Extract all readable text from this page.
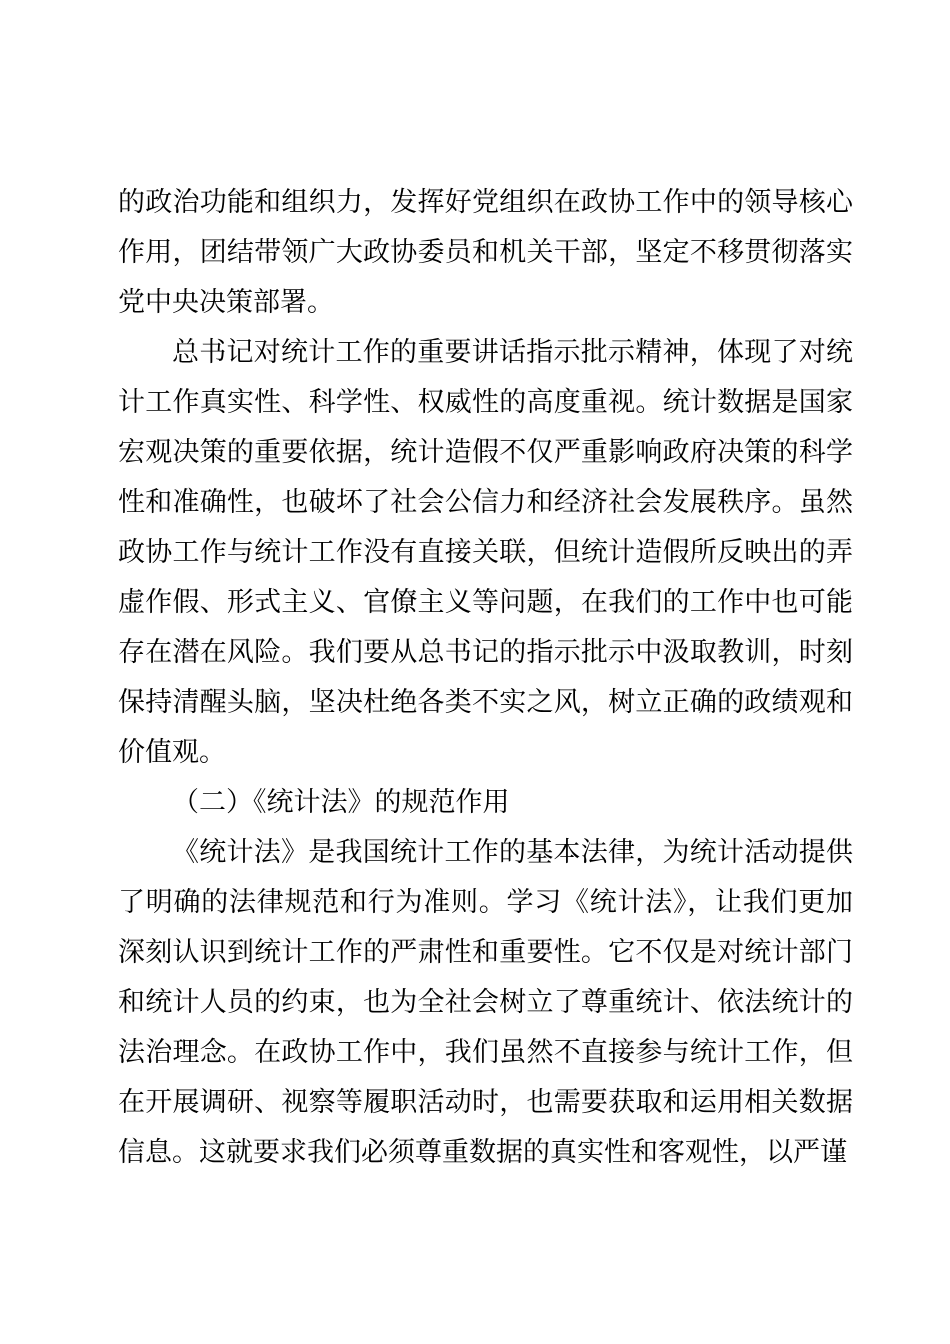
的政治功能和组织力，发挥好党组织在政协工作中的领导核心作用，团结带领广大政协委员和机关干部，坚定不移贯彻落实党中央决策部署。

总书记对统计工作的重要讲话指示批示精神，体现了对统计工作真实性、科学性、权威性的高度重视。统计数据是国家宏观决策的重要依据，统计造假不仅严重影响政府决策的科学性和准确性，也破坏了社会公信力和经济社会发展秩序。虽然政协工作与统计工作没有直接关联，但统计造假所反映出的弄虚作假、形式主义、官僚主义等问题，在我们的工作中也可能存在潜在风险。我们要从总书记的指示批示中汲取教训，时刻保持清醒头脑，坚决杜绝各类不实之风，树立正确的政绩观和价值观。

（二）《统计法》的规范作用

《统计法》是我国统计工作的基本法律，为统计活动提供了明确的法律规范和行为准则。学习《统计法》，让我们更加深刻认识到统计工作的严肃性和重要性。它不仅是对统计部门和统计人员的约束，也为全社会树立了尊重统计、依法统计的法治理念。在政协工作中，我们虽然不直接参与统计工作，但在开展调研、视察等履职活动时，也需要获取和运用相关数据信息。这就要求我们必须尊重数据的真实性和客观性，以严谨
